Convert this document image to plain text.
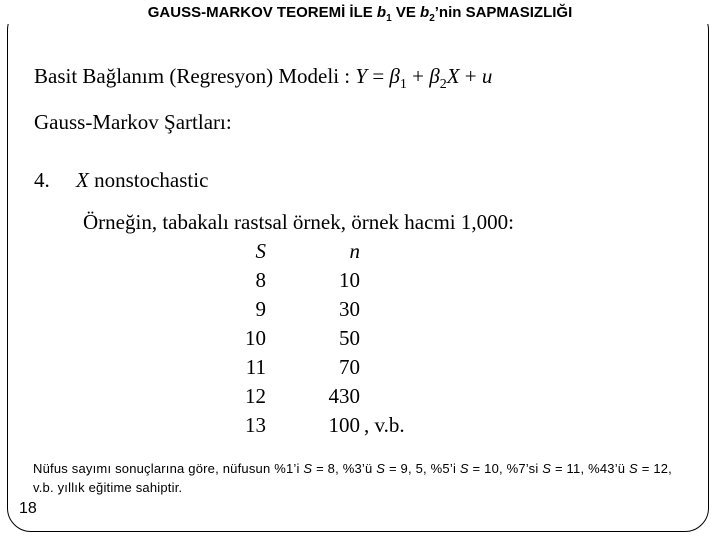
GAUSS-MARKOV TEOREMİ İLE $b_1$ VE $b_2’nin$ SAPMASIZLIĞI
Basit Bağlanım (Regresyon) Modeli : $Y = \beta_1 + \beta_2X + u$
Gauss-Markov Şartları:
4. X nonstochastic
Örneğin, tabakalı rastsal örnek, örnek hacmi 1,000:
S	n
8	10
9	30
10	50
11	70
12	430
13	100 , v.b.
Nüfus sayımı sonuçlarına göre, nüfusun %1’i S = 8, %3’ü S = 9, 5, %5’i S = 10, %7’si S = 11, %43’ü S = 12, v.b. yıllık eğitime sahiptir.
18
